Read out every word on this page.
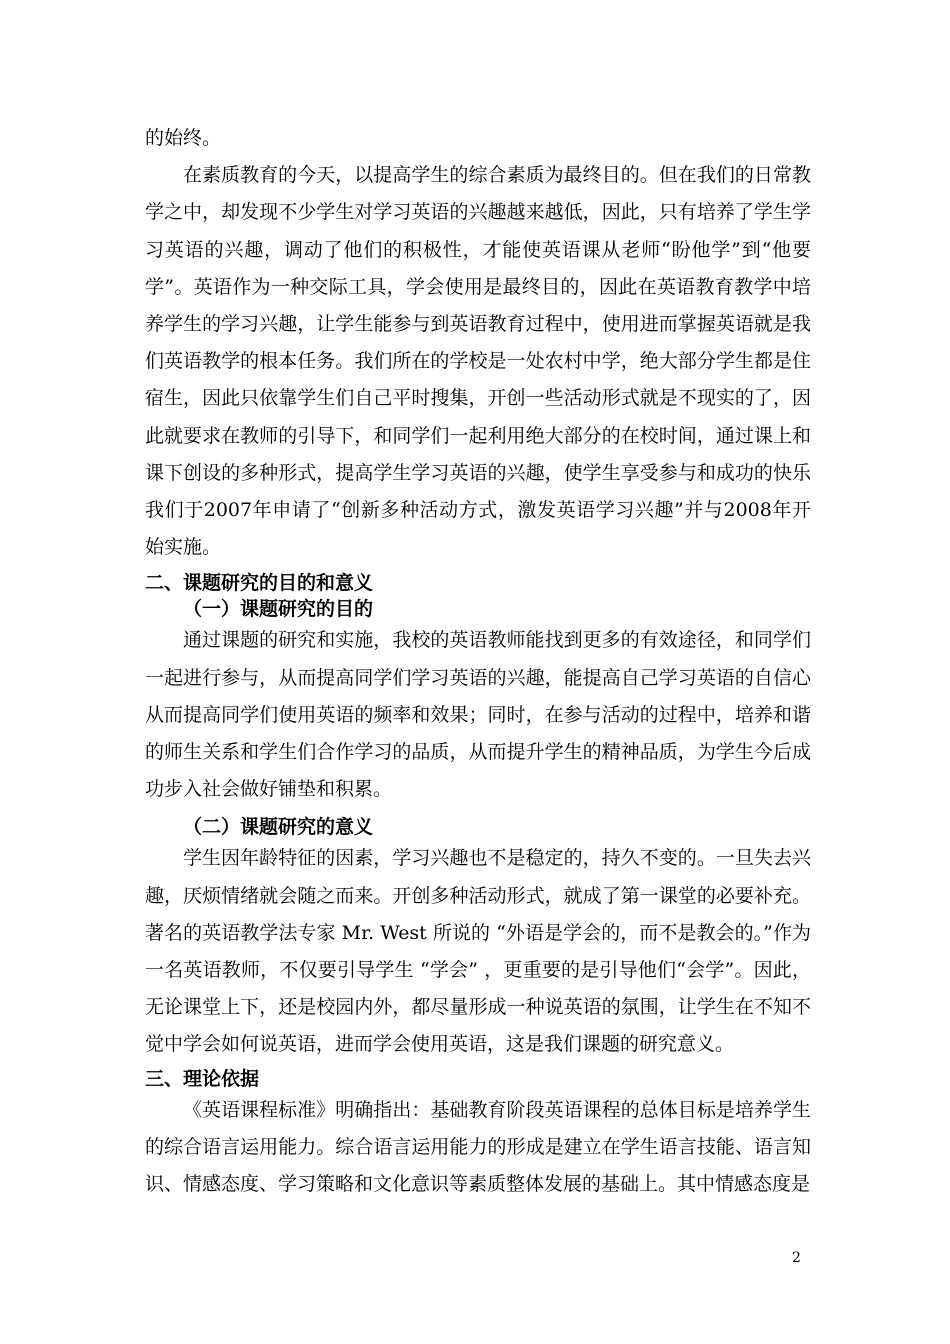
的始终。

在素质教育的今天，以提高学生的综合素质为最终目的。但在我们的日常教学之中，却发现不少学生对学习英语的兴趣越来越低，因此，只有培养了学生学习英语的兴趣，调动了他们的积极性，才能使英语课从老师“盼他学”到“他要学”。英语作为一种交际工具，学会使用是最终目的，因此在英语教育教学中培养学生的学习兴趣，让学生能参与到英语教育过程中，使用进而掌握英语就是我们英语教学的根本任务。我们所在的学校是一处农村中学，绝大部分学生都是住宿生，因此只依靠学生们自己平时搜集，开创一些活动形式就是不现实的了，因此就要求在教师的引导下，和同学们一起利用绝大部分的在校时间，通过课上和课下创设的多种形式，提高学生学习英语的兴趣，使学生享受参与和成功的快乐我们于2007年申请了“创新多种活动方式，激发英语学习兴趣”并与2008年开始实施。

二、课题研究的目的和意义

（一）课题研究的目的

通过课题的研究和实施，我校的英语教师能找到更多的有效途径，和同学们一起进行参与，从而提高同学们学习英语的兴趣，能提高自己学习英语的自信心从而提高同学们使用英语的频率和效果；同时，在参与活动的过程中，培养和谐的师生关系和学生们合作学习的品质，从而提升学生的精神品质，为学生今后成功步入社会做好铺垫和积累。

（二）课题研究的意义

学生因年龄特征的因素，学习兴趣也不是稳定的，持久不变的。一旦失去兴趣，厌烦情绪就会随之而来。开创多种活动形式，就成了第一课堂的必要补充。著名的英语教学法专家 Mr. West 所说的 “外语是学会的，而不是教会的。”作为一名英语教师，不仅要引导学生 “学会” ，更重要的是引导他们“会学”。因此，无论课堂上下，还是校园内外，都尽量形成一种说英语的氛围，让学生在不知不觉中学会如何说英语，进而学会使用英语，这是我们课题的研究意义。

三、理论依据

《英语课程标准》明确指出：基础教育阶段英语课程的总体目标是培养学生的综合语言运用能力。综合语言运用能力的形成是建立在学生语言技能、语言知识、情感态度、学习策略和文化意识等素质整体发展的基础上。其中情感态度是

2
